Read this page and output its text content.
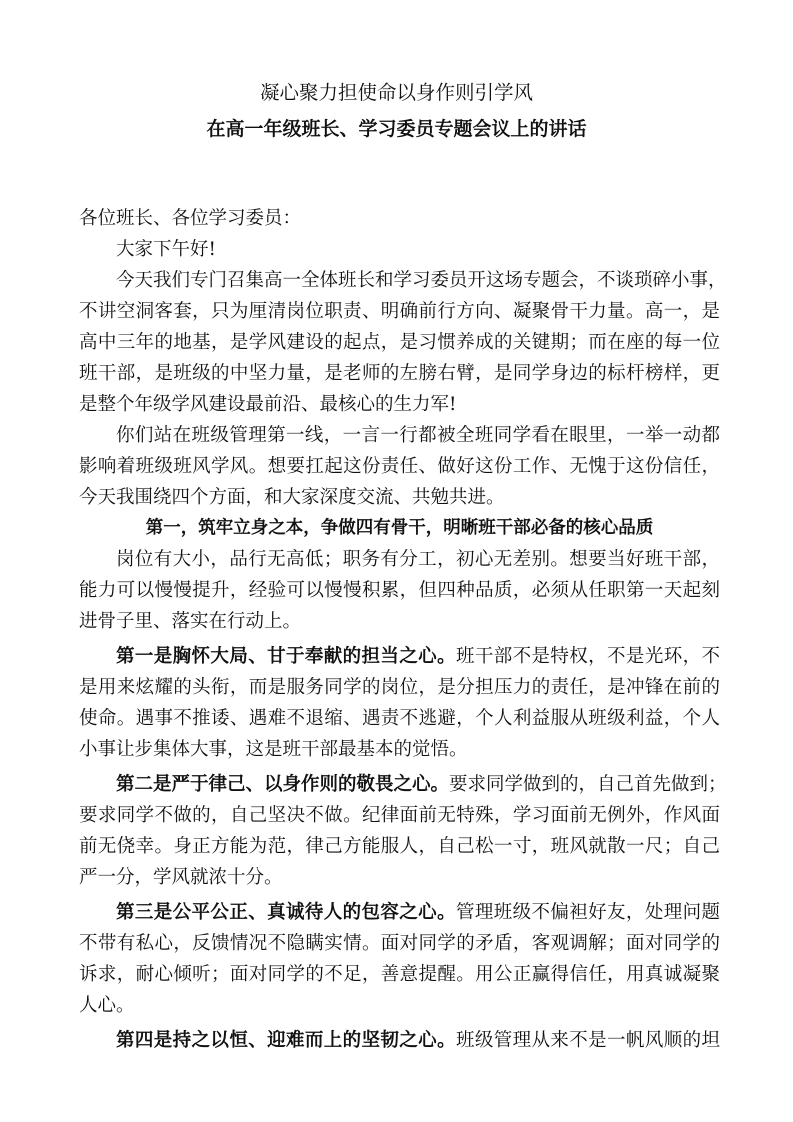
凝心聚力担使命以身作则引学风
在高一年级班长、学习委员专题会议上的讲话
各位班长、各位学习委员：
大家下午好!
今天我们专门召集高一全体班长和学习委员开这场专题会，不谈琐碎小事，
不讲空洞客套，只为厘清岗位职责、明确前行方向、凝聚骨干力量。高一，是
高中三年的地基，是学风建设的起点，是习惯养成的关键期；而在座的每一位
班干部，是班级的中坚力量，是老师的左膀右臂，是同学身边的标杆榜样，更
是整个年级学风建设最前沿、最核心的生力军!
你们站在班级管理第一线，一言一行都被全班同学看在眼里，一举一动都
影响着班级班风学风。想要扛起这份责任、做好这份工作、无愧于这份信任，
今天我围绕四个方面，和大家深度交流、共勉共进。
第一，筑牢立身之本，争做四有骨干，明晰班干部必备的核心品质
岗位有大小，品行无高低；职务有分工，初心无差别。想要当好班干部，
能力可以慢慢提升，经验可以慢慢积累，但四种品质，必须从任职第一天起刻
进骨子里、落实在行动上。
第一是胸怀大局、甘于奉献的担当之心。班干部不是特权，不是光环，不
是用来炫耀的头衔，而是服务同学的岗位，是分担压力的责任，是冲锋在前的
使命。遇事不推诿、遇难不退缩、遇责不逃避，个人利益服从班级利益，个人
小事让步集体大事，这是班干部最基本的觉悟。
第二是严于律己、以身作则的敬畏之心。要求同学做到的，自己首先做到；
要求同学不做的，自己坚决不做。纪律面前无特殊，学习面前无例外，作风面
前无侥幸。身正方能为范，律己方能服人，自己松一寸，班风就散一尺；自己
严一分，学风就浓十分。
第三是公平公正、真诚待人的包容之心。管理班级不偏袒好友，处理问题
不带有私心，反馈情况不隐瞒实情。面对同学的矛盾，客观调解；面对同学的
诉求，耐心倾听；面对同学的不足，善意提醒。用公正赢得信任，用真诚凝聚
人心。
第四是持之以恒、迎难而上的坚韧之心。班级管理从来不是一帆风顺的坦
